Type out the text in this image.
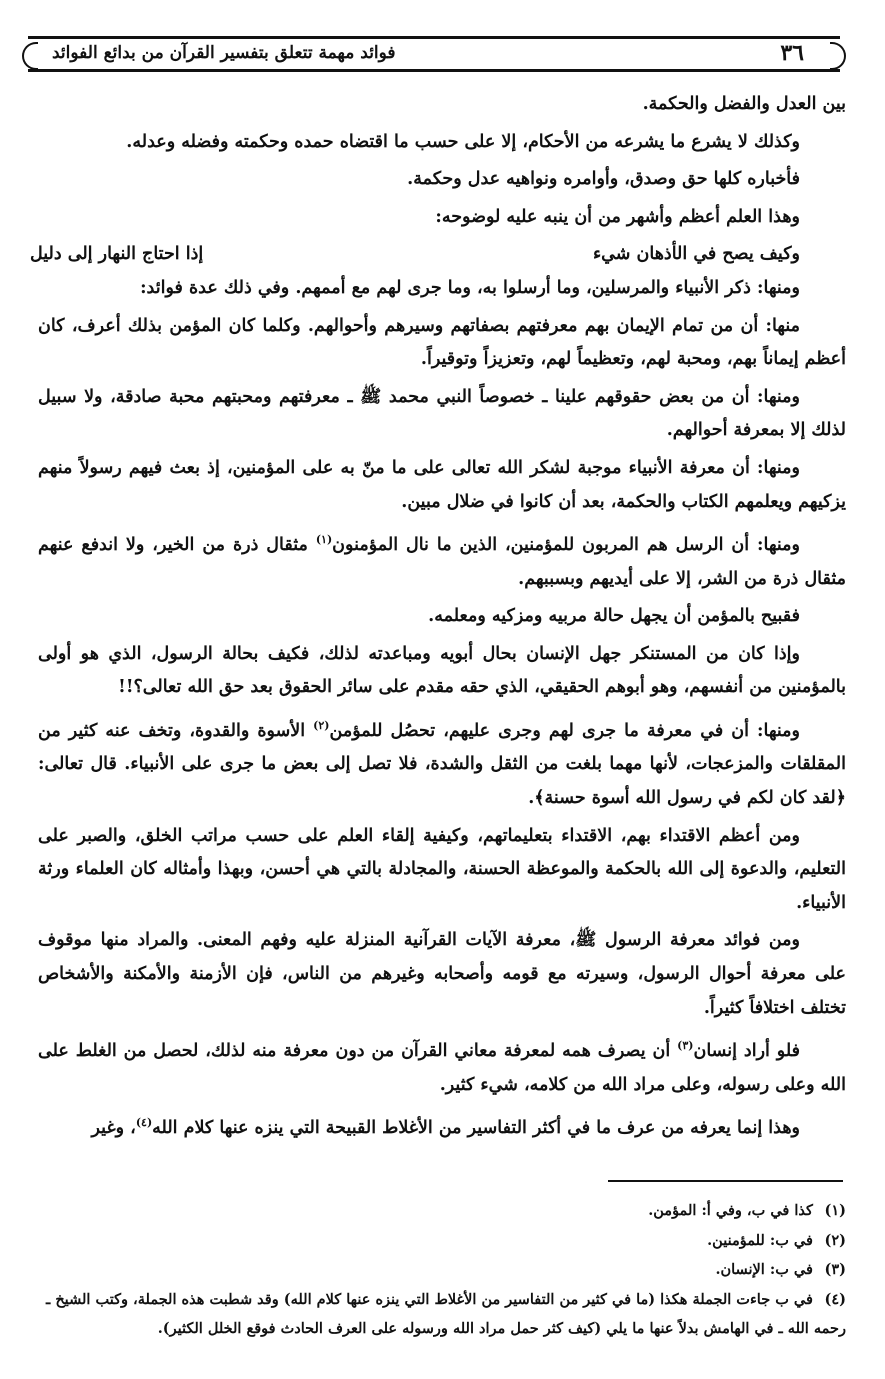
٣٦
فوائد مهمة تتعلق بتفسير القرآن من بدائع الفوائد

بين العدل والفضل والحكمة.

وكذلك لا يشرع ما يشرعه من الأحكام، إلا على حسب ما اقتضاه حمده وحكمته وفضله وعدله.

فأخباره كلها حق وصدق، وأوامره ونواهيه عدل وحكمة.

وهذا العلم أعظم وأشهر من أن ينبه عليه لوضوحه:

وكيف يصح في الأذهان شيء
إذا احتاج النهار إلى دليل

ومنها: ذكر الأنبياء والمرسلين، وما أرسلوا به، وما جرى لهم مع أممهم. وفي ذلك عدة فوائد:

منها: أن من تمام الإيمان بهم معرفتهم بصفاتهم وسيرهم وأحوالهم. وكلما كان المؤمن بذلك أعرف، كان أعظم إيماناً بهم، ومحبة لهم، وتعظيماً لهم، وتعزيزاً وتوقيراً.

ومنها: أن من بعض حقوقهم علينا ـ خصوصاً النبي محمد ﷺ ـ معرفتهم ومحبتهم محبة صادقة، ولا سبيل لذلك إلا بمعرفة أحوالهم.

ومنها: أن معرفة الأنبياء موجبة لشكر الله تعالى على ما منّ به على المؤمنين، إذ بعث فيهم رسولاً منهم يزكيهم ويعلمهم الكتاب والحكمة، بعد أن كانوا في ضلال مبين.

ومنها: أن الرسل هم المربون للمؤمنين، الذين ما نال المؤمنون$^{(١)}$ مثقال ذرة من الخير، ولا اندفع عنهم مثقال ذرة من الشر، إلا على أيديهم وبسببهم.

فقبيح بالمؤمن أن يجهل حالة مربيه ومزكيه ومعلمه.

وإذا كان من المستنكر جهل الإنسان بحال أبويه ومباعدته لذلك، فكيف بحالة الرسول، الذي هو أولى بالمؤمنين من أنفسهم، وهو أبوهم الحقيقي، الذي حقه مقدم على سائر الحقوق بعد حق الله تعالى؟!!

ومنها: أن في معرفة ما جرى لهم وجرى عليهم، تحصُل للمؤمن$^{(٢)}$ الأسوة والقدوة، وتخف عنه كثير من المقلقات والمزعجات، لأنها مهما بلغت من الثقل والشدة، فلا تصل إلى بعض ما جرى على الأنبياء. قال تعالى: ﴿لقد كان لكم في رسول الله أسوة حسنة﴾.

ومن أعظم الاقتداء بهم، الاقتداء بتعليماتهم، وكيفية إلقاء العلم على حسب مراتب الخلق، والصبر على التعليم، والدعوة إلى الله بالحكمة والموعظة الحسنة، والمجادلة بالتي هي أحسن، وبهذا وأمثاله كان العلماء ورثة الأنبياء.

ومن فوائد معرفة الرسول ﷺ، معرفة الآيات القرآنية المنزلة عليه وفهم المعنى. والمراد منها موقوف على معرفة أحوال الرسول، وسيرته مع قومه وأصحابه وغيرهم من الناس، فإن الأزمنة والأمكنة والأشخاص تختلف اختلافاً كثيراً.

فلو أراد إنسان$^{(٣)}$ أن يصرف همه لمعرفة معاني القرآن من دون معرفة منه لذلك، لحصل من الغلط على الله وعلى رسوله، وعلى مراد الله من كلامه، شيء كثير.

وهذا إنما يعرفه من عرف ما في أكثر التفاسير من الأغلاط القبيحة التي ينزه عنها كلام الله$^{(٤)}$، وغير

(١) كذا في ب، وفي أ: المؤمن.

(٢) في ب: للمؤمنين.

(٣) في ب: الإنسان.

(٤) في ب جاءت الجملة هكذا (ما في كثير من التفاسير من الأغلاط التي ينزه عنها كلام الله) وقد شطبت هذه الجملة، وكتب الشيخ ـ

رحمه الله ـ في الهامش بدلاً عنها ما يلي (كيف كثر حمل مراد الله ورسوله على العرف الحادث فوقع الخلل الكثير).
